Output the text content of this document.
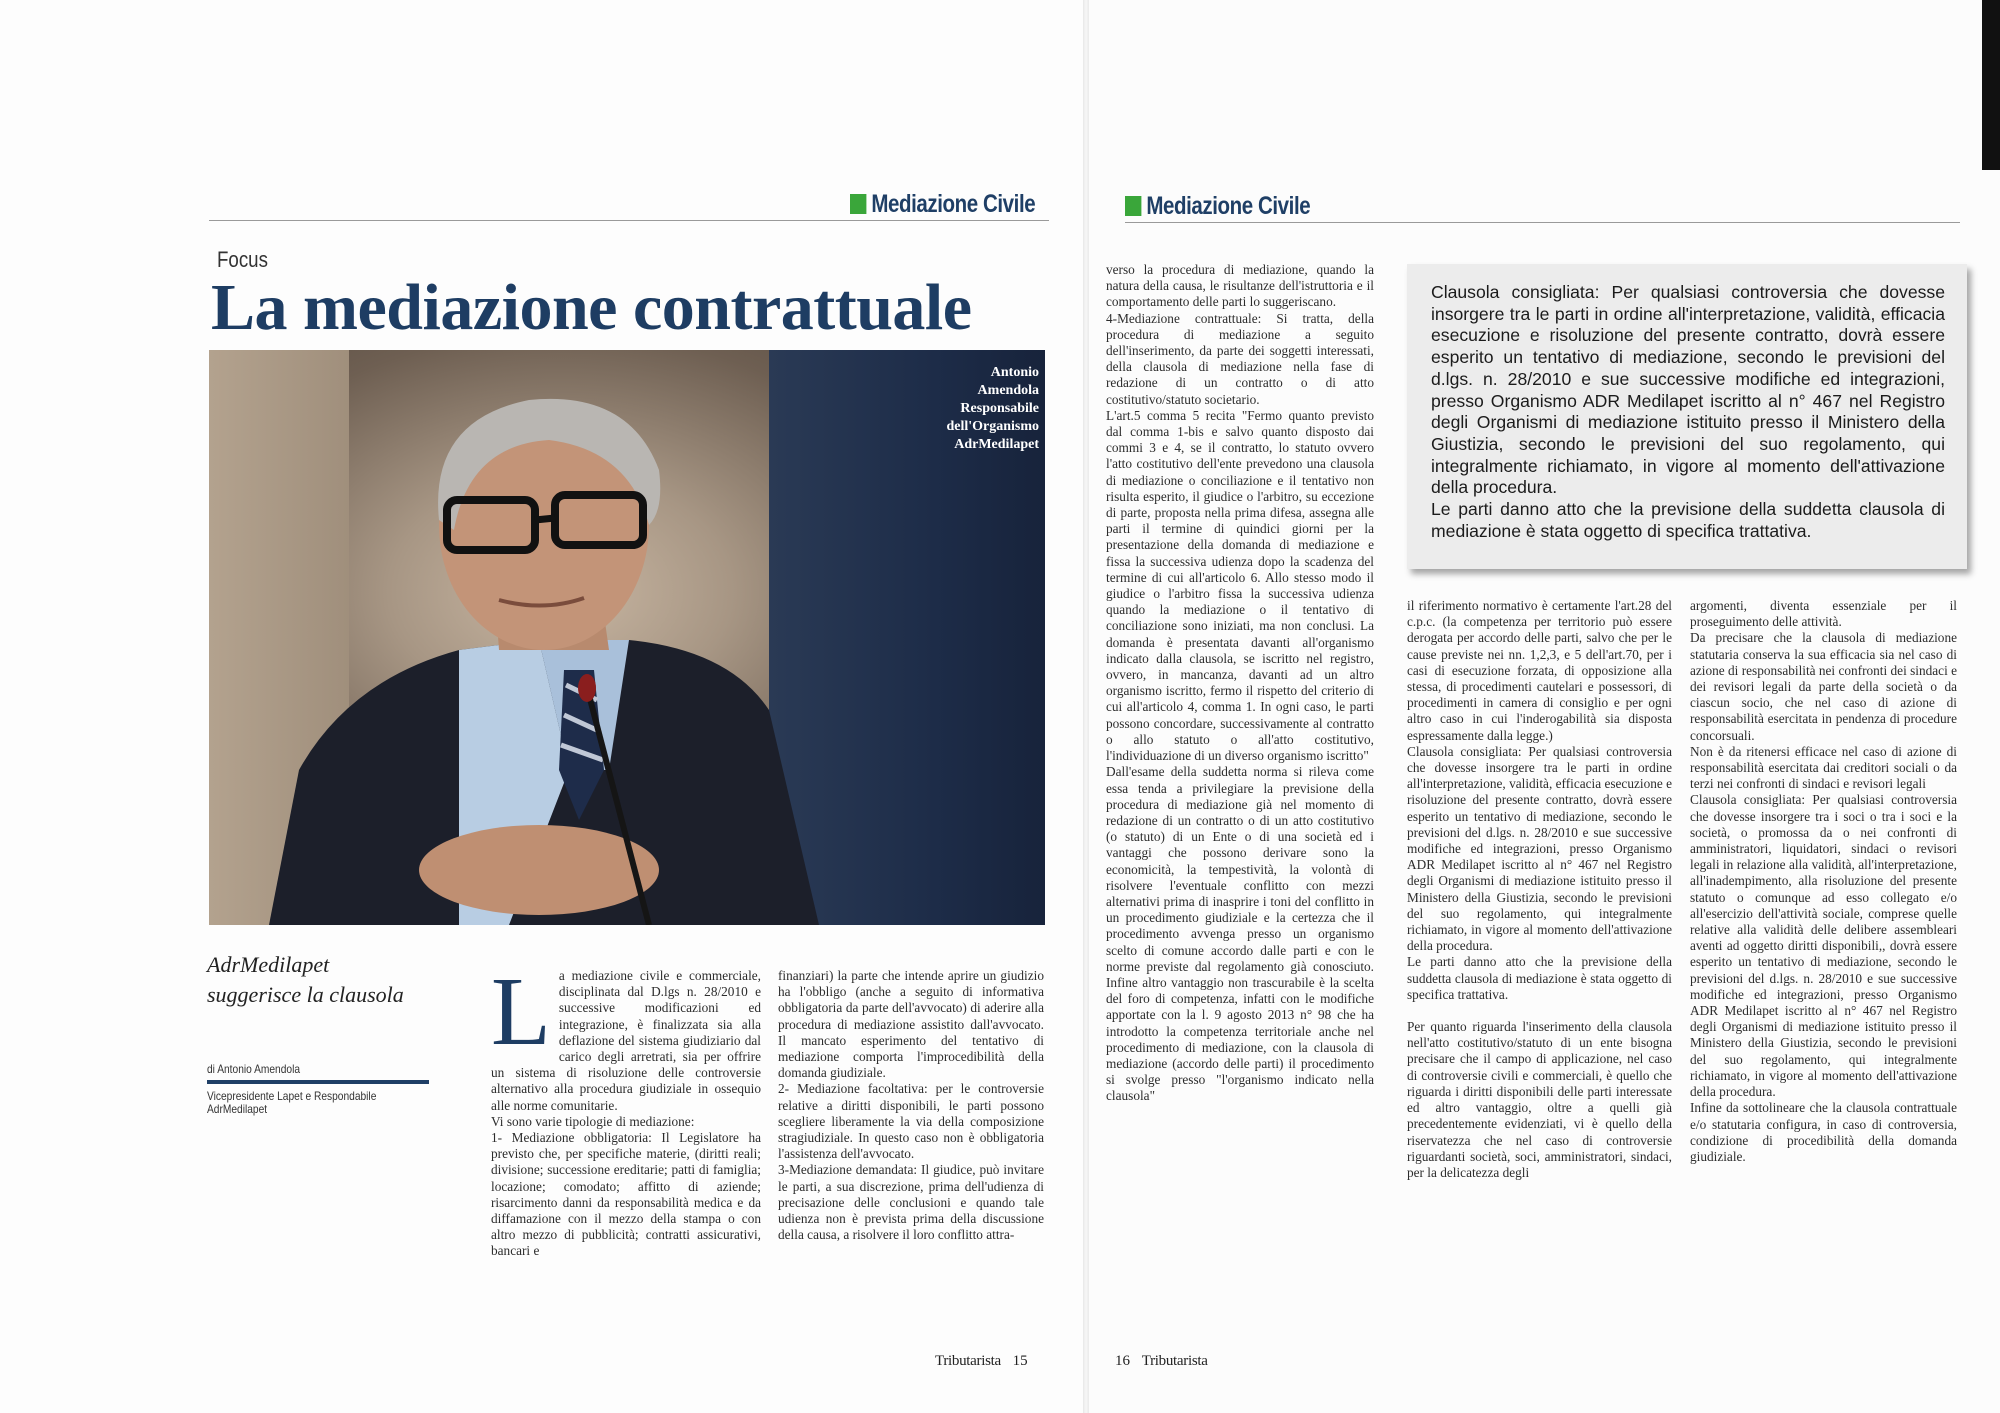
Mediazione Civile
Focus
La mediazione contrattuale
Antonio
Amendola
Responsabile
dell'Organismo
AdrMedilapet
AdrMedilapet
suggerisce la clausola
di Antonio Amendola
Vicepresidente Lapet e Respondabile
AdrMedilapet
L a mediazione civile e commerciale, disciplinata dal D.lgs n. 28/2010 e successive modificazioni ed integrazione, è finalizzata sia alla deflazione del sistema giudiziario dal carico degli arretrati, sia per offrire un sistema di risoluzione delle controversie alternativo alla procedura giudiziale in ossequio alle norme comunitarie.

Vi sono varie tipologie di mediazione:

1- Mediazione obbligatoria: Il Legislatore ha previsto che, per specifiche materie, (diritti reali; divisione; successione ereditarie; patti di famiglia; locazione; comodato; affitto di aziende; risarcimento danni da responsabilità medica e da diffamazione con il mezzo della stampa o con altro mezzo di pubblicità; contratti assicurativi, bancari e

finanziari) la parte che intende aprire un giudizio ha l'obbligo (anche a seguito di informativa obbligatoria da parte dell'avvocato) di aderire alla procedura di mediazione assistito dall'avvocato. Il mancato esperimento del tentativo di mediazione comporta l'improcedibilità della domanda giudiziale.

2- Mediazione facoltativa: per le controversie relative a diritti disponibili, le parti possono scegliere liberamente la via della composizione stragiudiziale. In questo caso non è obbligatoria l'assistenza dell'avvocato.

3-Mediazione demandata: Il giudice, può invitare le parti, a sua discrezione, prima dell'udienza di precisazione delle conclusioni e quando tale udienza non è prevista prima della discussione della causa, a risolvere il loro conflitto attra-

verso la procedura di mediazione, quando la natura della causa, le risultanze dell'istruttoria e il comportamento delle parti lo suggeriscano.

4-Mediazione contrattuale: Si tratta, della procedura di mediazione a seguito dell'inserimento, da parte dei soggetti interessati, della clausola di mediazione nella fase di redazione di un contratto o di atto costitutivo/statuto societario.

L'art.5 comma 5 recita "Fermo quanto previsto dal comma 1-bis e salvo quanto disposto dai commi 3 e 4, se il contratto, lo statuto ovvero l'atto costitutivo dell'ente prevedono una clausola di mediazione o conciliazione e il tentativo non risulta esperito, il giudice o l'arbitro, su eccezione di parte, proposta nella prima difesa, assegna alle parti il termine di quindici giorni per la presentazione della domanda di mediazione e fissa la successiva udienza dopo la scadenza del termine di cui all'articolo 6. Allo stesso modo il giudice o l'arbitro fissa la successiva udienza quando la mediazione o il tentativo di conciliazione sono iniziati, ma non conclusi. La domanda è presentata davanti all'organismo indicato dalla clausola, se iscritto nel registro, ovvero, in mancanza, davanti ad un altro organismo iscritto, fermo il rispetto del criterio di cui all'articolo 4, comma 1. In ogni caso, le parti possono concordare, successivamente al contratto o allo statuto o all'atto costitutivo, l'individuazione di un diverso organismo iscritto"

Dall'esame della suddetta norma si rileva come essa tenda a privilegiare la previsione della procedura di mediazione già nel momento di redazione di un contratto o di un atto costitutivo (o statuto) di un Ente o di una società ed i vantaggi che possono derivare sono la economicità, la tempestività, la volontà di risolvere l'eventuale conflitto con mezzi alternativi prima di inasprire i toni del conflitto in un procedimento giudiziale e la certezza che il procedimento avvenga presso un organismo scelto di comune accordo dalle parti e con le norme previste dal regolamento già conosciuto. Infine altro vantaggio non trascurabile è la scelta del foro di competenza, infatti con le modifiche apportate con la l. 9 agosto 2013 n° 98 che ha introdotto la competenza territoriale anche nel procedimento di mediazione, con la clausola di mediazione (accordo delle parti) il procedimento si svolge presso "l'organismo indicato nella clausola"

Tributarista 15
Mediazione Civile

Clausola consigliata: Per qualsiasi controversia che dovesse insorgere tra le parti in ordine all'interpretazione, validità, efficacia esecuzione e risoluzione del presente contratto, dovrà essere esperito un tentativo di mediazione, secondo le previsioni del d.lgs. n. 28/2010 e sue successive modifiche ed integrazioni, presso Organismo ADR Medilapet iscritto al n° 467 nel Registro degli Organismi di mediazione istituito presso il Ministero della Giustizia, secondo le previsioni del suo regolamento, qui integralmente richiamato, in vigore al momento dell'attivazione della procedura.

Le parti danno atto che la previsione della suddetta clausola di mediazione è stata oggetto di specifica trattativa.

il riferimento normativo è certamente l'art.28 del c.p.c. (la competenza per territorio può essere derogata per accordo delle parti, salvo che per le cause previste nei nn. 1,2,3, e 5 dell'art.70, per i casi di esecuzione forzata, di opposizione alla stessa, di procedimenti cautelari e possessori, di procedimenti in camera di consiglio e per ogni altro caso in cui l'inderogabilità sia disposta espressamente dalla legge.)

Clausola consigliata: Per qualsiasi controversia che dovesse insorgere tra le parti in ordine all'interpretazione, validità, efficacia esecuzione e risoluzione del presente contratto, dovrà essere esperito un tentativo di mediazione, secondo le previsioni del d.lgs. n. 28/2010 e sue successive modifiche ed integrazioni, presso Organismo ADR Medilapet iscritto al n° 467 nel Registro degli Organismi di mediazione istituito presso il Ministero della Giustizia, secondo le previsioni del suo regolamento, qui integralmente richiamato, in vigore al momento dell'attivazione della procedura.

Le parti danno atto che la previsione della suddetta clausola di mediazione è stata oggetto di specifica trattativa.

Per quanto riguarda l'inserimento della clausola nell'atto costitutivo/statuto di un ente bisogna precisare che il campo di applicazione, nel caso di controversie civili e commerciali, è quello che riguarda i diritti disponibili delle parti interessate ed altro vantaggio, oltre a quelli già precedentemente evidenziati, vi è quello della riservatezza che nel caso di controversie riguardanti società, soci, amministratori, sindaci, per la delicatezza degli

argomenti, diventa essenziale per il proseguimento delle attività.

Da precisare che la clausola di mediazione statutaria conserva la sua efficacia sia nel caso di azione di responsabilità nei confronti dei sindaci e dei revisori legali da parte della società o da ciascun socio, che nel caso di azione di responsabilità esercitata in pendenza di procedure concorsuali.

Non è da ritenersi efficace nel caso di azione di responsabilità esercitata dai creditori sociali o da terzi nei confronti di sindaci e revisori legali

Clausola consigliata: Per qualsiasi controversia che dovesse insorgere tra i soci o tra i soci e la società, o promossa da o nei confronti di amministratori, liquidatori, sindaci o revisori legali in relazione alla validità, all'interpretazione, all'inadempimento, alla risoluzione del presente statuto o comunque ad esso collegato e/o all'esercizio dell'attività sociale, comprese quelle relative alla validità delle delibere assembleari aventi ad oggetto diritti disponibili,, dovrà essere esperito un tentativo di mediazione, secondo le previsioni del d.lgs. n. 28/2010 e sue successive modifiche ed integrazioni, presso Organismo ADR Medilapet iscritto al n° 467 nel Registro degli Organismi di mediazione istituito presso il Ministero della Giustizia, secondo le previsioni del suo regolamento, qui integralmente richiamato, in vigore al momento dell'attivazione della procedura.

Infine da sottolineare che la clausola contrattuale e/o statutaria configura, in caso di controversia, condizione di procedibilità della domanda giudiziale.

16 Tributarista
